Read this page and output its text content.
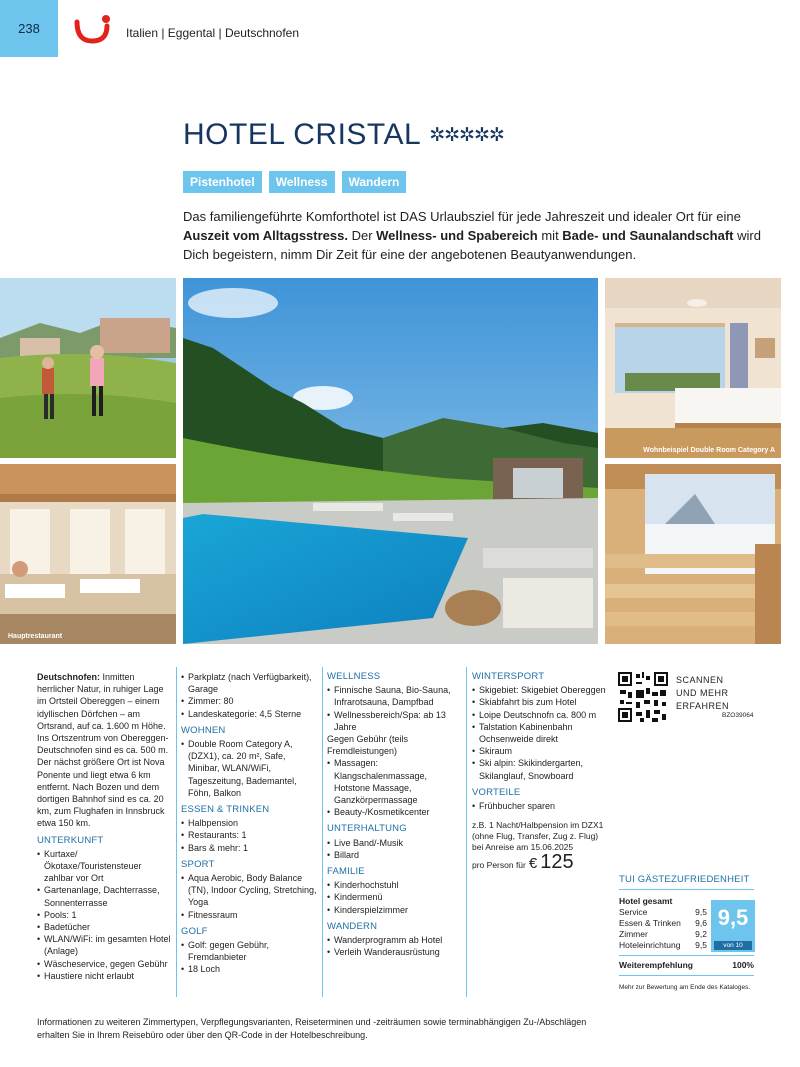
238	Italien | Eggental | Deutschnofen
HOTEL CRISTAL ✲✲✲✲✲
Pistenhotel	Wellness	Wandern

Das familiengeführte Komforthotel ist DAS Urlaubsziel für jede Jahreszeit und idealer Ort für eine Auszeit vom Alltagsstress. Der Wellness- und Spabereich mit Bade- und Saunalandschaft wird Dich begeistern, nimm Dir Zeit für eine der angebotenen Beautyanwendungen.

Hauptrestaurant
Wohnbeispiel Double Room Category A

Deutschnofen: Inmitten herrlicher Natur, in ruhiger Lage im Ortsteil Obereggen – einem idyllischen Dörfchen – am Ortsrand, auf ca. 1.600 m Höhe. Ins Ortszentrum von Obereggen-Deutschnofen sind es ca. 500 m. Der nächst größere Ort ist Nova Ponente und liegt etwa 6 km entfernt. Nach Bozen und dem dortigen Bahnhof sind es ca. 20 km, zum Flughafen in Innsbruck etwa 150 km.

UNTERKUNFT
• Kurtaxe/Ökotaxe/Touristensteuer zahlbar vor Ort
• Gartenanlage, Dachterrasse, Sonnenterrasse
• Pools: 1
• Badetücher
• WLAN/WiFi: im gesamten Hotel (Anlage)
• Wäscheservice, gegen Gebühr
• Haustiere nicht erlaubt
• Parkplatz (nach Verfügbarkeit), Garage
• Zimmer: 80
• Landeskategorie: 4,5 Sterne
WOHNEN
• Double Room Category A, (DZX1), ca. 20 m², Safe, Minibar, WLAN/WiFi, Tageszeitung, Bademantel, Föhn, Balkon
ESSEN & TRINKEN
• Halbpension
• Restaurants: 1
• Bars & mehr: 1
SPORT
• Aqua Aerobic, Body Balance (TN), Indoor Cycling, Stretching, Yoga
• Fitnessraum
GOLF
• Golf: gegen Gebühr, Fremdanbieter
• 18 Loch
WELLNESS
• Finnische Sauna, Bio-Sauna, Infrarotsauna, Dampfbad
• Wellnessbereich/Spa: ab 13 Jahre

Gegen Gebühr (teils Fremdleistungen)

• Massagen: Klangschalenmassage, Hotstone Massage, Ganzkörpermassage
• Beauty-/Kosmetikcenter
UNTERHALTUNG
• Live Band/-Musik
• Billard
FAMILIE
• Kinderhochstuhl
• Kindermenü
• Kinderspielzimmer
WANDERN
• Wanderprogramm ab Hotel
• Verleih Wanderausrüstung
WINTERSPORT
• Skigebiet: Skigebiet Obereggen
• Skiabfahrt bis zum Hotel
• Loipe Deutschnofn ca. 800 m
• Talstation Kabinenbahn Ochsenweide direkt
• Skiraum
• Ski alpin: Skikindergarten, Skilanglauf, Snowboard
VORTEILE
• Frühbucher sparen

z.B. 1 Nacht/Halbpension im DZX1 (ohne Flug, Transfer, Zug z. Flug) bei Anreise am 15.06.2025

pro Person für € 125
SCANNEN
UND MEHR
ERFAHREN
BZO39064
TUI GÄSTEZUFRIEDENHEIT
Hotel gesamt
Service	9,5
Essen & Trinken 9,6
Zimmer	9,2
Hoteleinrichtung 9,5
9,5
von 10
Weiterempfehlung	100%
Mehr zur Bewertung am Ende des Kataloges.

Informationen zu weiteren Zimmertypen, Verpflegungsvarianten, Reiseterminen und -zeiträumen sowie terminabhängigen Zu-/Abschlägen erhalten Sie in Ihrem Reisebüro oder über den QR-Code in der Hotelbeschreibung.
